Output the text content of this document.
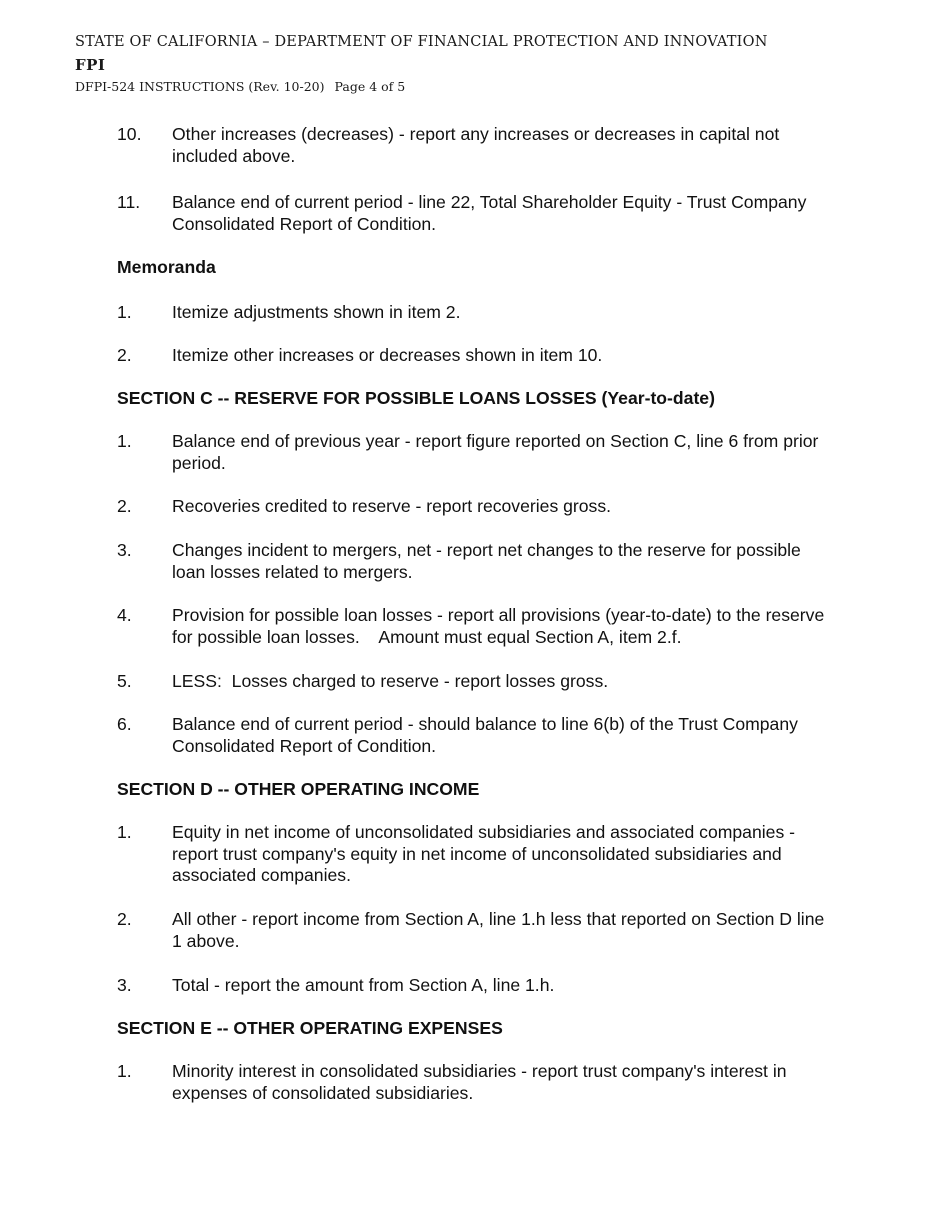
STATE OF CALIFORNIA – DEPARTMENT OF FINANCIAL PROTECTION AND INNOVATION
FPI
DFPI-524 INSTRUCTIONS (Rev. 10-20) Page 4 of 5
10. Other increases (decreases) - report any increases or decreases in capital not included above.
11. Balance end of current period - line 22, Total Shareholder Equity - Trust Company Consolidated Report of Condition.
Memoranda
1. Itemize adjustments shown in item 2.
2. Itemize other increases or decreases shown in item 10.
SECTION C -- RESERVE FOR POSSIBLE LOANS LOSSES (Year-to-date)
1. Balance end of previous year - report figure reported on Section C, line 6 from prior period.
2. Recoveries credited to reserve - report recoveries gross.
3. Changes incident to mergers, net - report net changes to the reserve for possible loan losses related to mergers.
4. Provision for possible loan losses - report all provisions (year-to-date) to the reserve for possible loan losses.    Amount must equal Section A, item 2.f.
5. LESS:  Losses charged to reserve - report losses gross.
6. Balance end of current period - should balance to line 6(b) of the Trust Company Consolidated Report of Condition.
SECTION D -- OTHER OPERATING INCOME
1. Equity in net income of unconsolidated subsidiaries and associated companies - report trust company's equity in net income of unconsolidated subsidiaries and associated companies.
2. All other - report income from Section A, line 1.h less that reported on Section D line 1 above.
3. Total - report the amount from Section A, line 1.h.
SECTION E -- OTHER OPERATING EXPENSES
1. Minority interest in consolidated subsidiaries - report trust company's interest in expenses of consolidated subsidiaries.
